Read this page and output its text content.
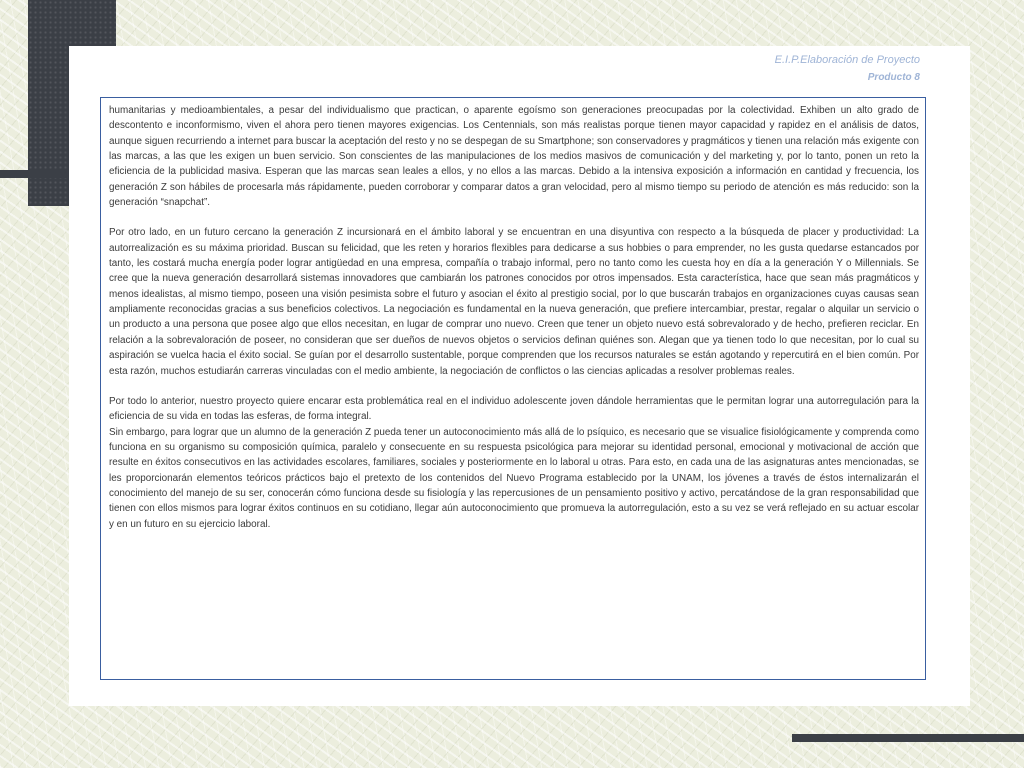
E.I.P.Elaboración de Proyecto
Producto 8

humanitarias y medioambientales, a pesar del individualismo que practican, o aparente egoísmo son generaciones preocupadas por la colectividad. Exhiben un alto grado de descontento e inconformismo, viven el ahora pero tienen mayores exigencias. Los Centennials, son más realistas porque tienen mayor capacidad y rapidez en el análisis de datos, aunque siguen recurriendo a internet para buscar la aceptación del resto y no se despegan de su Smartphone; son conservadores y pragmáticos y tienen una relación más exigente con las marcas, a las que les exigen un buen servicio. Son conscientes de las manipulaciones de los medios masivos de comunicación y del marketing y, por lo tanto, ponen un reto la eficiencia de la publicidad masiva. Esperan que las marcas sean leales a ellos, y no ellos a las marcas. Debido a la intensiva exposición a información en cantidad y frecuencia, los generación Z son hábiles de procesarla más rápidamente, pueden corroborar y comparar datos a gran velocidad, pero al mismo tiempo su periodo de atención es más reducido: son la generación “snapchat”.

Por otro lado, en un futuro cercano la generación Z incursionará en el ámbito laboral y se encuentran en una disyuntiva con respecto a la búsqueda de placer y productividad: La autorrealización es su máxima prioridad. Buscan su felicidad, que les reten y horarios flexibles para dedicarse a sus hobbies o para emprender, no les gusta quedarse estancados por tanto, les costará mucha energía poder lograr antigüedad en una empresa, compañía o trabajo informal, pero no tanto como les cuesta hoy en día a la generación Y o Millennials. Se cree que la nueva generación desarrollará sistemas innovadores que cambiarán los patrones conocidos por otros impensados. Esta característica, hace que sean más pragmáticos y menos idealistas, al mismo tiempo, poseen una visión pesimista sobre el futuro y asocian el éxito al prestigio social, por lo que buscarán trabajos en organizaciones cuyas causas sean ampliamente reconocidas gracias a sus beneficios colectivos. La negociación es fundamental en la nueva generación, que prefiere intercambiar, prestar, regalar o alquilar un servicio o un producto a una persona que posee algo que ellos necesitan, en lugar de comprar uno nuevo. Creen que tener un objeto nuevo está sobrevalorado y de hecho, prefieren reciclar. En relación a la sobrevaloración de poseer, no consideran que ser dueños de nuevos objetos o servicios definan quiénes son. Alegan que ya tienen todo lo que necesitan, por lo cual su aspiración se vuelca hacia el éxito social. Se guían por el desarrollo sustentable, porque comprenden que los recursos naturales se están agotando y repercutirá en el bien común. Por esta razón, muchos estudiarán carreras vinculadas con el medio ambiente, la negociación de conflictos o las ciencias aplicadas a resolver problemas reales.

Por todo lo anterior, nuestro proyecto quiere encarar esta problemática real en el individuo adolescente joven dándole herramientas que le permitan lograr una autorregulación para la eficiencia de su vida en todas las esferas, de forma integral.

Sin embargo, para lograr que un alumno de la generación Z pueda tener un autoconocimiento más allá de lo psíquico, es necesario que se visualice fisiológicamente y comprenda como funciona en su organismo su composición química, paralelo y consecuente en su respuesta psicológica para mejorar su identidad personal, emocional y motivacional de acción que resulte en éxitos consecutivos en las actividades escolares, familiares, sociales y posteriormente en lo laboral u otras. Para esto, en cada una de las asignaturas antes mencionadas, se les proporcionarán elementos teóricos prácticos bajo el pretexto de los contenidos del Nuevo Programa establecido por la UNAM, los jóvenes a través de éstos internalizarán el conocimiento del manejo de su ser, conocerán cómo funciona desde su fisiología y las repercusiones de un pensamiento positivo y activo, percatándose de la gran responsabilidad que tienen con ellos mismos para lograr éxitos continuos en su cotidiano, llegar aún autoconocimiento que promueva la autorregulación, esto a su vez se verá reflejado en su actuar escolar y en un futuro en su ejercicio laboral.
